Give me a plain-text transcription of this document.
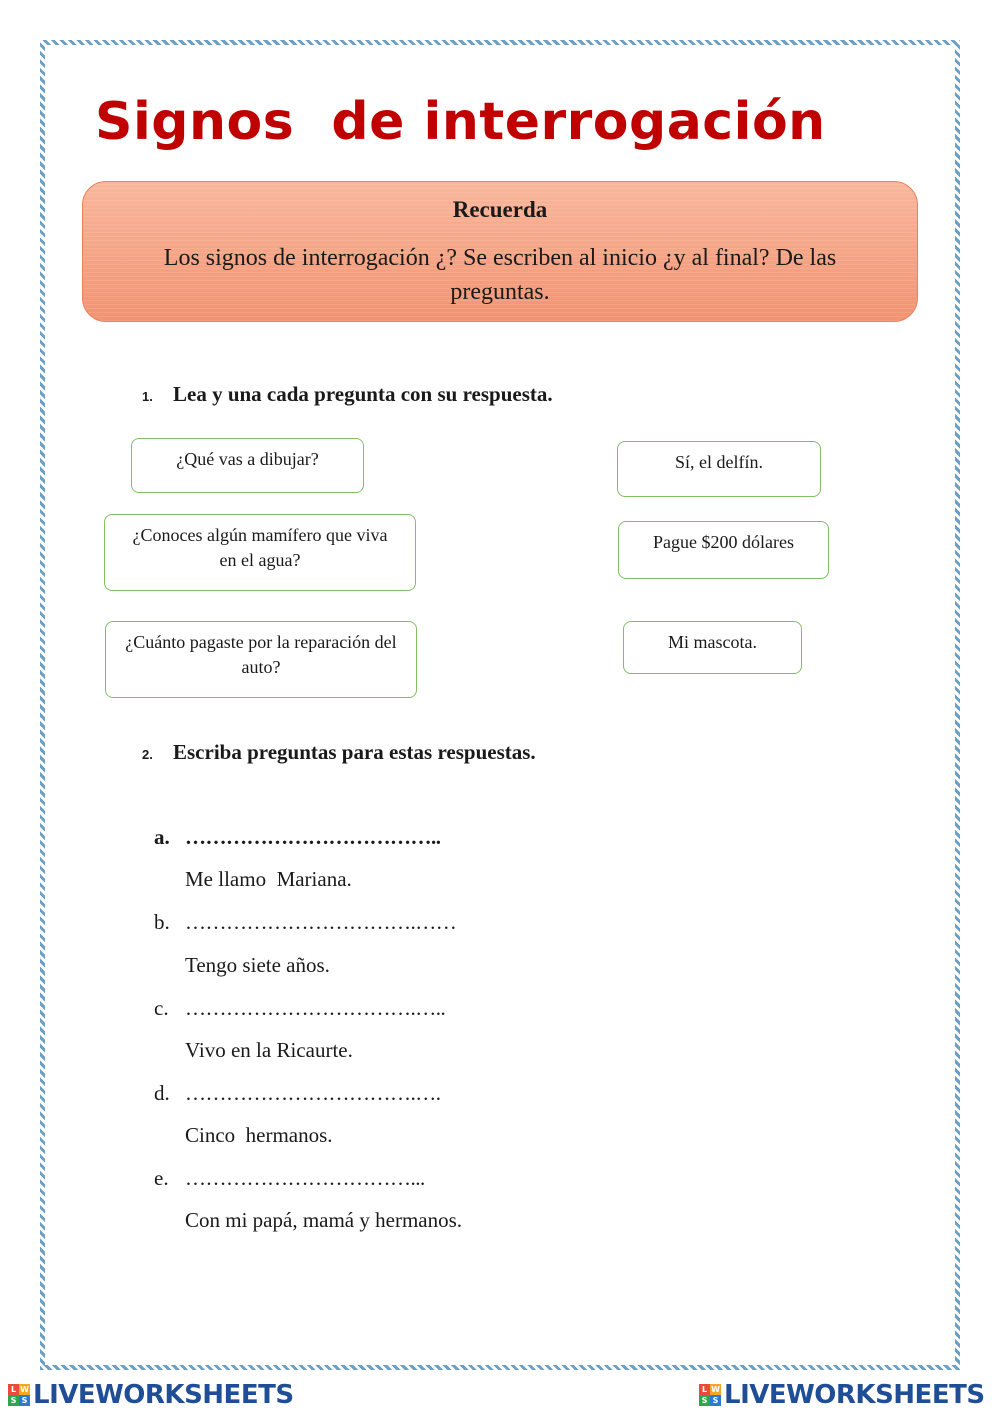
Signos  de interrogación
Recuerda
Los signos de interrogación ¿? Se escriben al inicio ¿y al final? De las preguntas.
1. Lea y una cada pregunta con su respuesta.
¿Qué vas a dibujar?
¿Conoces algún mamífero que viva en el agua?
¿Cuánto pagaste por la reparación del auto?
Sí, el delfín.
Pague $200 dólares
Mi mascota.
2. Escriba preguntas para estas respuestas.
a. ………………………………..
Me llamo  Mariana.
b. …………………………….……
Tengo siete años.
c. …………………………….…..
Vivo en la Ricaurte.
d. …………………………….….
Cinco  hermanos.
e. ……………………………...
Con mi papá, mamá y hermanos.
L W
S S LIVEWORKSHEETS	L W
S S LIVEWORKSHEETS
